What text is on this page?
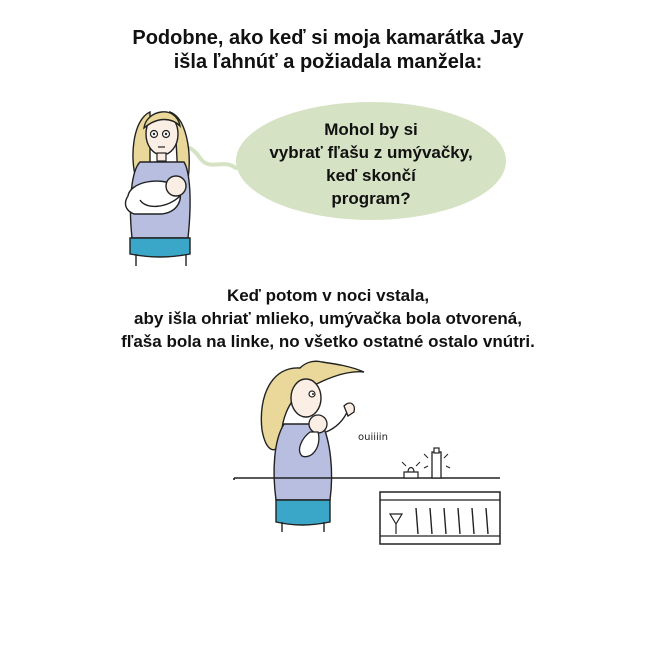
Podobne, ako keď si moja kamarátka Jay
išla ľahnúť a požiadala manžela:

Mohol by si
vybrať fľašu z umývačky,
keď skončí
program?

Keď potom v noci vstala,
aby išla ohriať mlieko, umývačka bola otvorená,
fľaša bola na linke, no všetko ostatné ostalo vnútri.

ouiiiin
